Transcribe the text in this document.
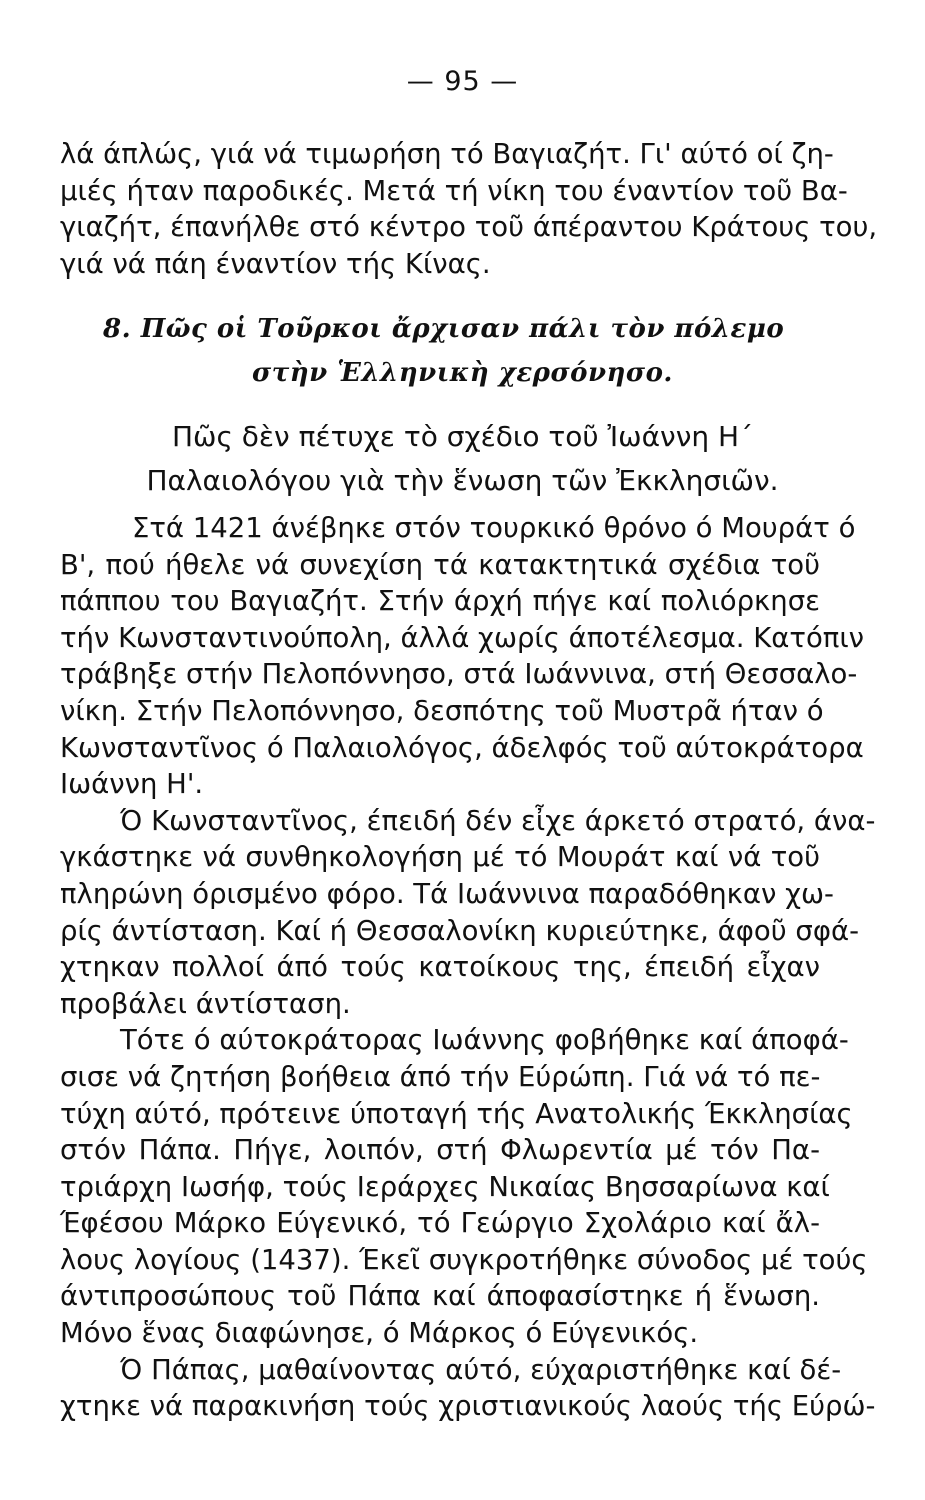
— 95 —
λά άπλώς, γιά νά τιμωρήση τό Βαγιαζήτ. Γι' αύτό οί ζη-
μιές ήταν παροδικές. Μετά τή νίκη του έναντίον τοῦ Βα-
γιαζήτ, έπανήλθε στό κέντρο τοῦ άπέραντου Κράτους του,
γιά νά πάη έναντίον τής Κίνας.
8. Πῶς οἱ Τοῦρκοι ἄρχισαν πάλι τὸν πόλεμο
στὴν Ἑλληνικὴ χερσόνησο.
Πῶς δὲν πέτυχε τὸ σχέδιο τοῦ Ἰωάννη Η΄
Παλαιολόγου γιὰ τὴν ἕνωση τῶν Ἐκκλησιῶν.
Στά 1421 άνέβηκε στόν τουρκικό θρόνο ό Μουράτ ό
Β', πού ήθελε νά συνεχίση τά κατακτητικά σχέδια τοῦ
πάππου του Βαγιαζήτ. Στήν άρχή πήγε καί πολιόρκησε
τήν Κωνσταντινούπολη, άλλά χωρίς άποτέλεσμα. Κατόπιν
τράβηξε στήν Πελοπόννησο, στά Ιωάννινα, στή Θεσσαλο-
νίκη. Στήν Πελοπόννησο, δεσπότης τοῦ Μυστρᾶ ήταν ό
Κωνσταντῖνος ό Παλαιολόγος, άδελφός τοῦ αύτοκράτορα
Ιωάννη Η'.
Ό Κωνσταντῖνος, έπειδή δέν εἶχε άρκετό στρατό, άνα-
γκάστηκε νά συνθηκολογήση μέ τό Μουράτ καί νά τοῦ
πληρώνη όρισμένο φόρο. Τά Ιωάννινα παραδόθηκαν χω-
ρίς άντίσταση. Καί ή Θεσσαλονίκη κυριεύτηκε, άφοῦ σφά-
χτηκαν πολλοί άπό τούς κατοίκους της, έπειδή εἶχαν
προβάλει άντίσταση.
Τότε ό αύτοκράτορας Ιωάννης φοβήθηκε καί άποφά-
σισε νά ζητήση βοήθεια άπό τήν Εύρώπη. Γιά νά τό πε-
τύχη αύτό, πρότεινε ύποταγή τής Ανατολικής Έκκλησίας
στόν Πάπα. Πήγε, λοιπόν, στή Φλωρεντία μέ τόν Πα-
τριάρχη Ιωσήφ, τούς Ιεράρχες Νικαίας Βησσαρίωνα καί
Έφέσου Μάρκο Εύγενικό, τό Γεώργιο Σχολάριο καί ἄλ-
λους λογίους (1437). Έκεῖ συγκροτήθηκε σύνοδος μέ τούς
άντιπροσώπους τοῦ Πάπα καί άποφασίστηκε ή ἕνωση.
Μόνο ἕνας διαφώνησε, ό Μάρκος ό Εύγενικός.
Ό Πάπας, μαθαίνοντας αύτό, εύχαριστήθηκε καί δέ-
χτηκε νά παρακινήση τούς χριστιανικούς λαούς τής Εύρώ-
